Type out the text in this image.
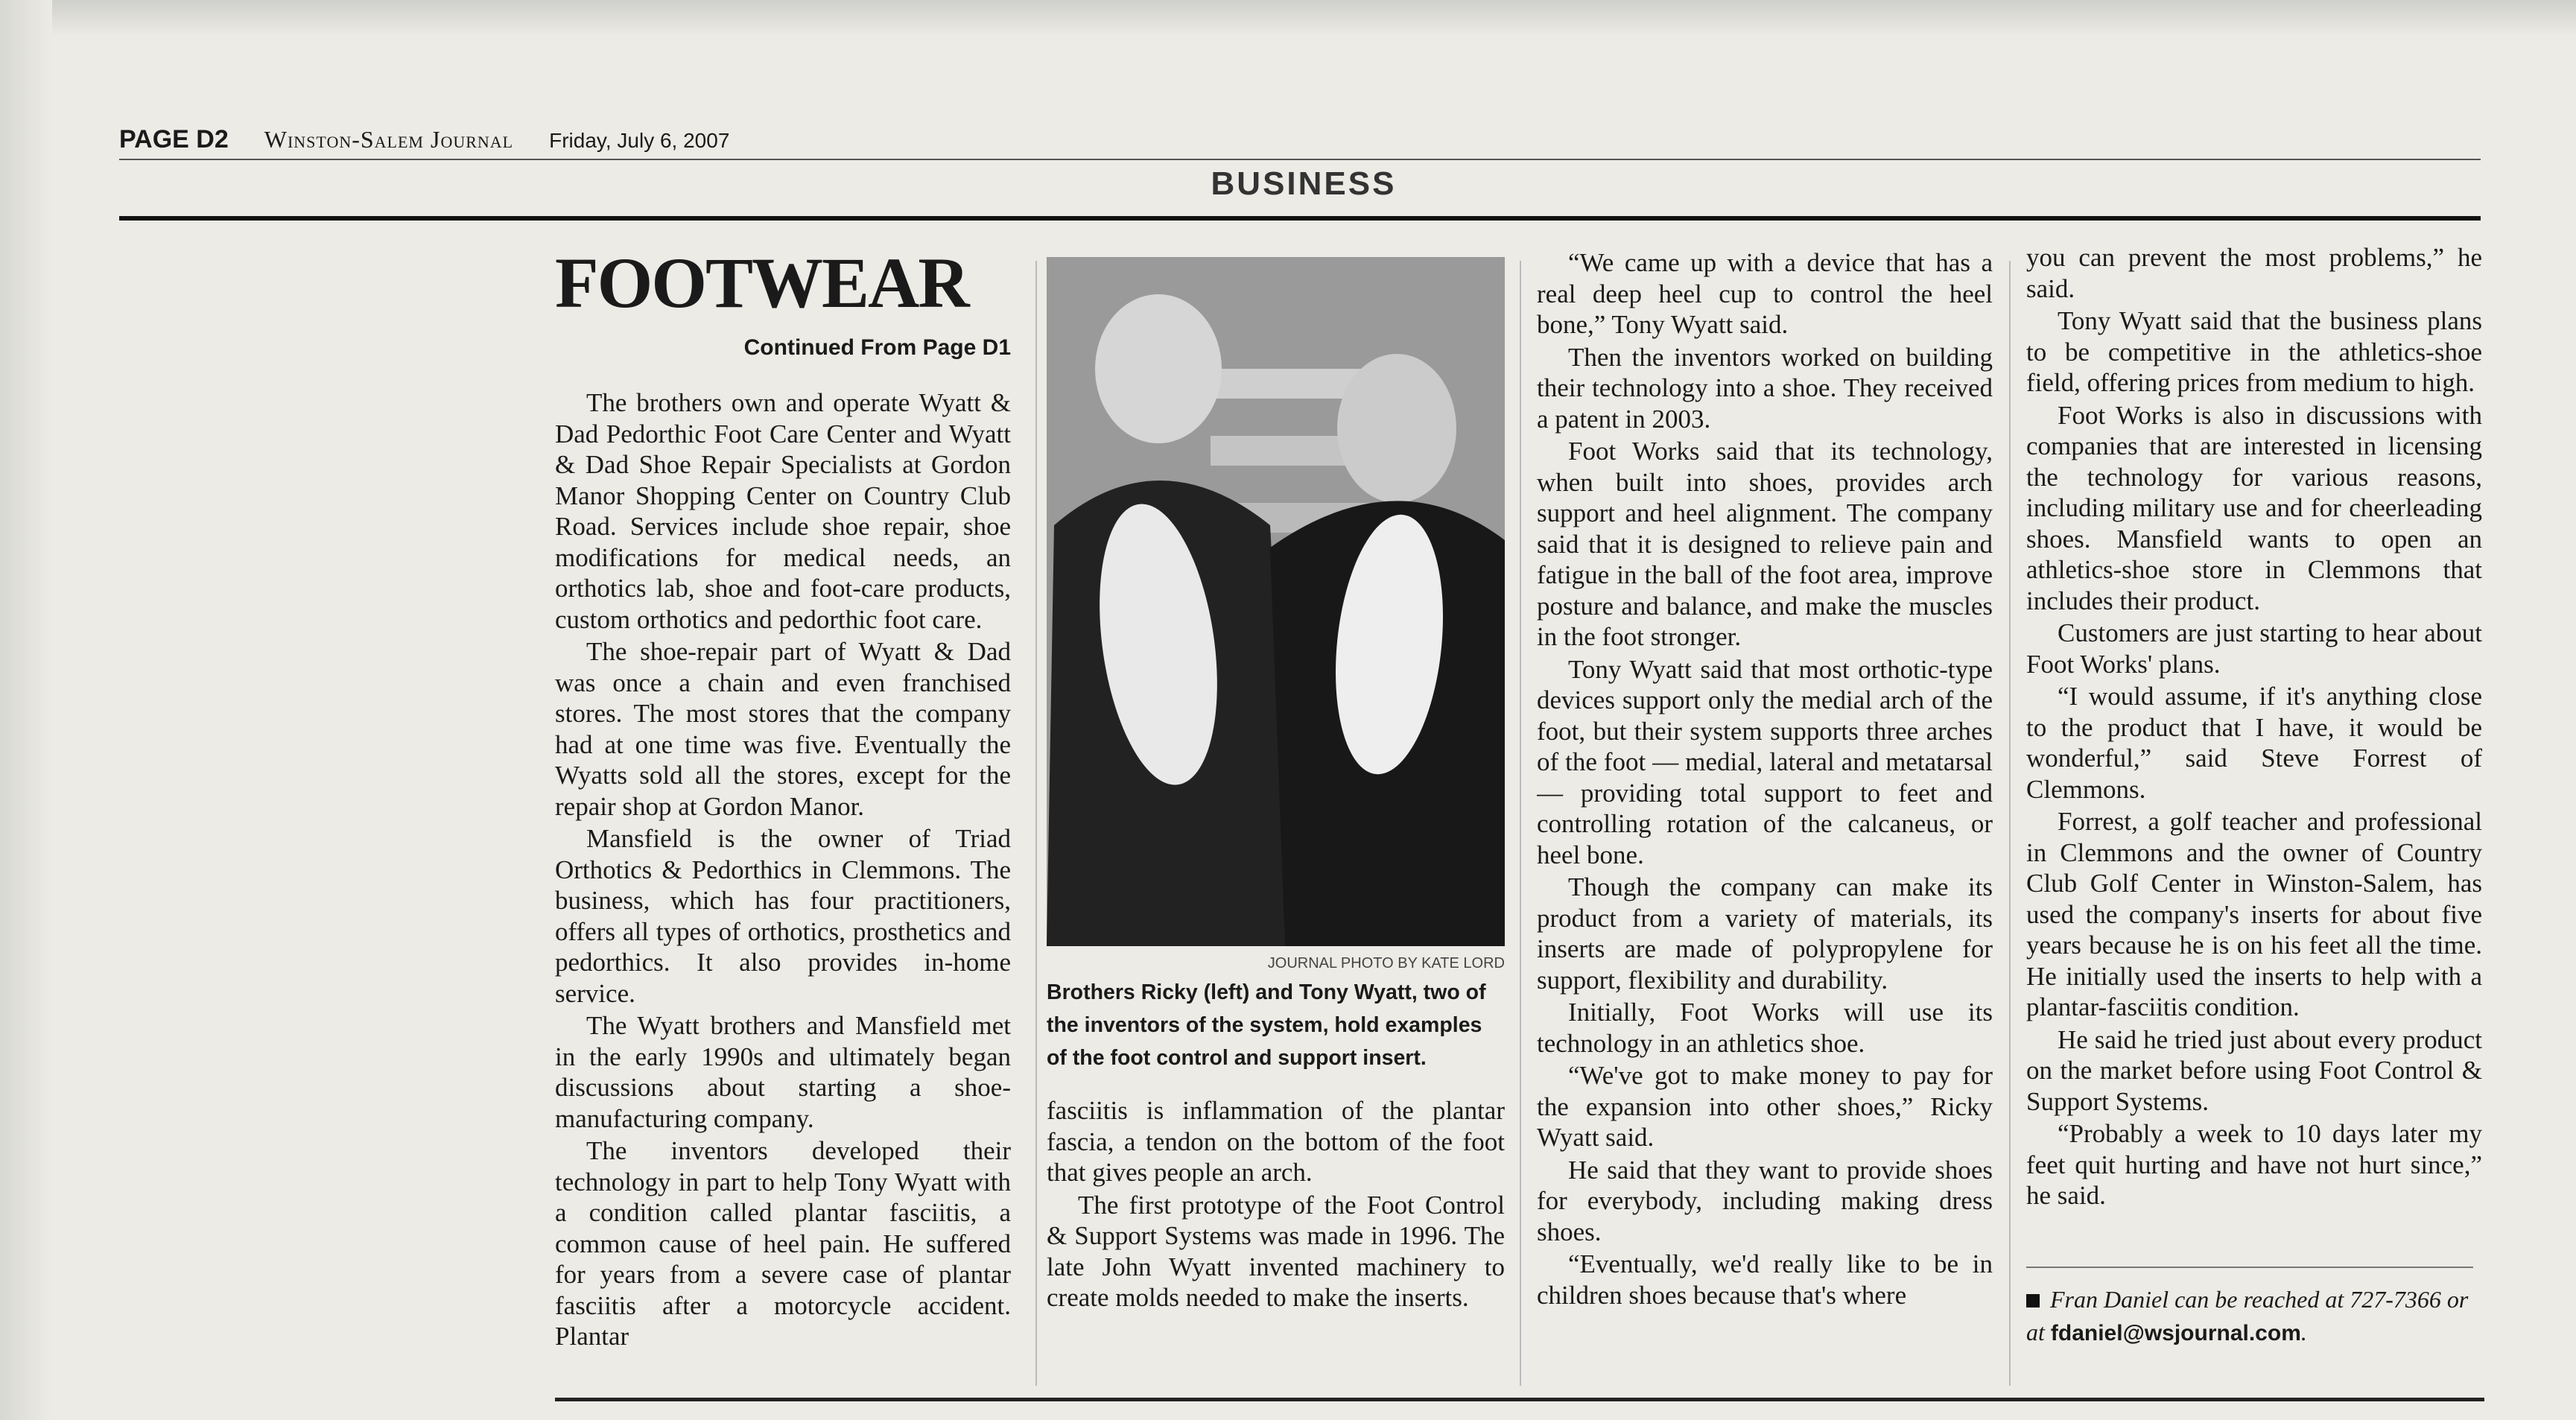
PAGE D2 Winston-Salem Journal Friday, July 6, 2007
BUSINESS
FOOTWEAR
Continued From Page D1

The brothers own and operate Wyatt & Dad Pedorthic Foot Care Center and Wyatt & Dad Shoe Repair Specialists at Gordon Manor Shopping Center on Country Club Road. Services include shoe repair, shoe modifications for medical needs, an orthotics lab, shoe and foot-care products, custom orthotics and pedorthic foot care.

The shoe-repair part of Wyatt & Dad was once a chain and even franchised stores. The most stores that the company had at one time was five. Eventually the Wyatts sold all the stores, except for the repair shop at Gordon Manor.

Mansfield is the owner of Triad Orthotics & Pedorthics in Clemmons. The business, which has four practitioners, offers all types of orthotics, prosthetics and pedorthics. It also provides in-home service.

The Wyatt brothers and Mansfield met in the early 1990s and ultimately began discussions about starting a shoe-manufacturing company.

The inventors developed their technology in part to help Tony Wyatt with a condition called plantar fasciitis, a common cause of heel pain. He suffered for years from a severe case of plantar fasciitis after a motorcycle accident. Plantar

JOURNAL PHOTO BY KATE LORD
Brothers Ricky (left) and Tony Wyatt, two of the inventors of the system, hold examples of the foot control and support insert.

fasciitis is inflammation of the plantar fascia, a tendon on the bottom of the foot that gives people an arch.

The first prototype of the Foot Control & Support Systems was made in 1996. The late John Wyatt invented machinery to create molds needed to make the inserts.

“We came up with a device that has a real deep heel cup to control the heel bone,” Tony Wyatt said.

Then the inventors worked on building their technology into a shoe. They received a patent in 2003.

Foot Works said that its technology, when built into shoes, provides arch support and heel alignment. The company said that it is designed to relieve pain and fatigue in the ball of the foot area, improve posture and balance, and make the muscles in the foot stronger.

Tony Wyatt said that most orthotic-type devices support only the medial arch of the foot, but their system supports three arches of the foot — medial, lateral and metatarsal — providing total support to feet and controlling rotation of the calcaneus, or heel bone.

Though the company can make its product from a variety of materials, its inserts are made of polypropylene for support, flexibility and durability.

Initially, Foot Works will use its technology in an athletics shoe.

“We've got to make money to pay for the expansion into other shoes,” Ricky Wyatt said.

He said that they want to provide shoes for everybody, including making dress shoes.

“Eventually, we'd really like to be in children shoes because that's where

you can prevent the most problems,” he said.

Tony Wyatt said that the business plans to be competitive in the athletics-shoe field, offering prices from medium to high.

Foot Works is also in discussions with companies that are interested in licensing the technology for various reasons, including military use and for cheerleading shoes. Mansfield wants to open an athletics-shoe store in Clemmons that includes their product.

Customers are just starting to hear about Foot Works' plans.

“I would assume, if it's anything close to the product that I have, it would be wonderful,” said Steve Forrest of Clemmons.

Forrest, a golf teacher and professional in Clemmons and the owner of Country Club Golf Center in Winston-Salem, has used the company's inserts for about five years because he is on his feet all the time. He initially used the inserts to help with a plantar-fasciitis condition.

He said he tried just about every product on the market before using Foot Control & Support Systems.

“Probably a week to 10 days later my feet quit hurting and have not hurt since,” he said.

Fran Daniel can be reached at 727-7366 or at fdaniel@wsjournal.com.
